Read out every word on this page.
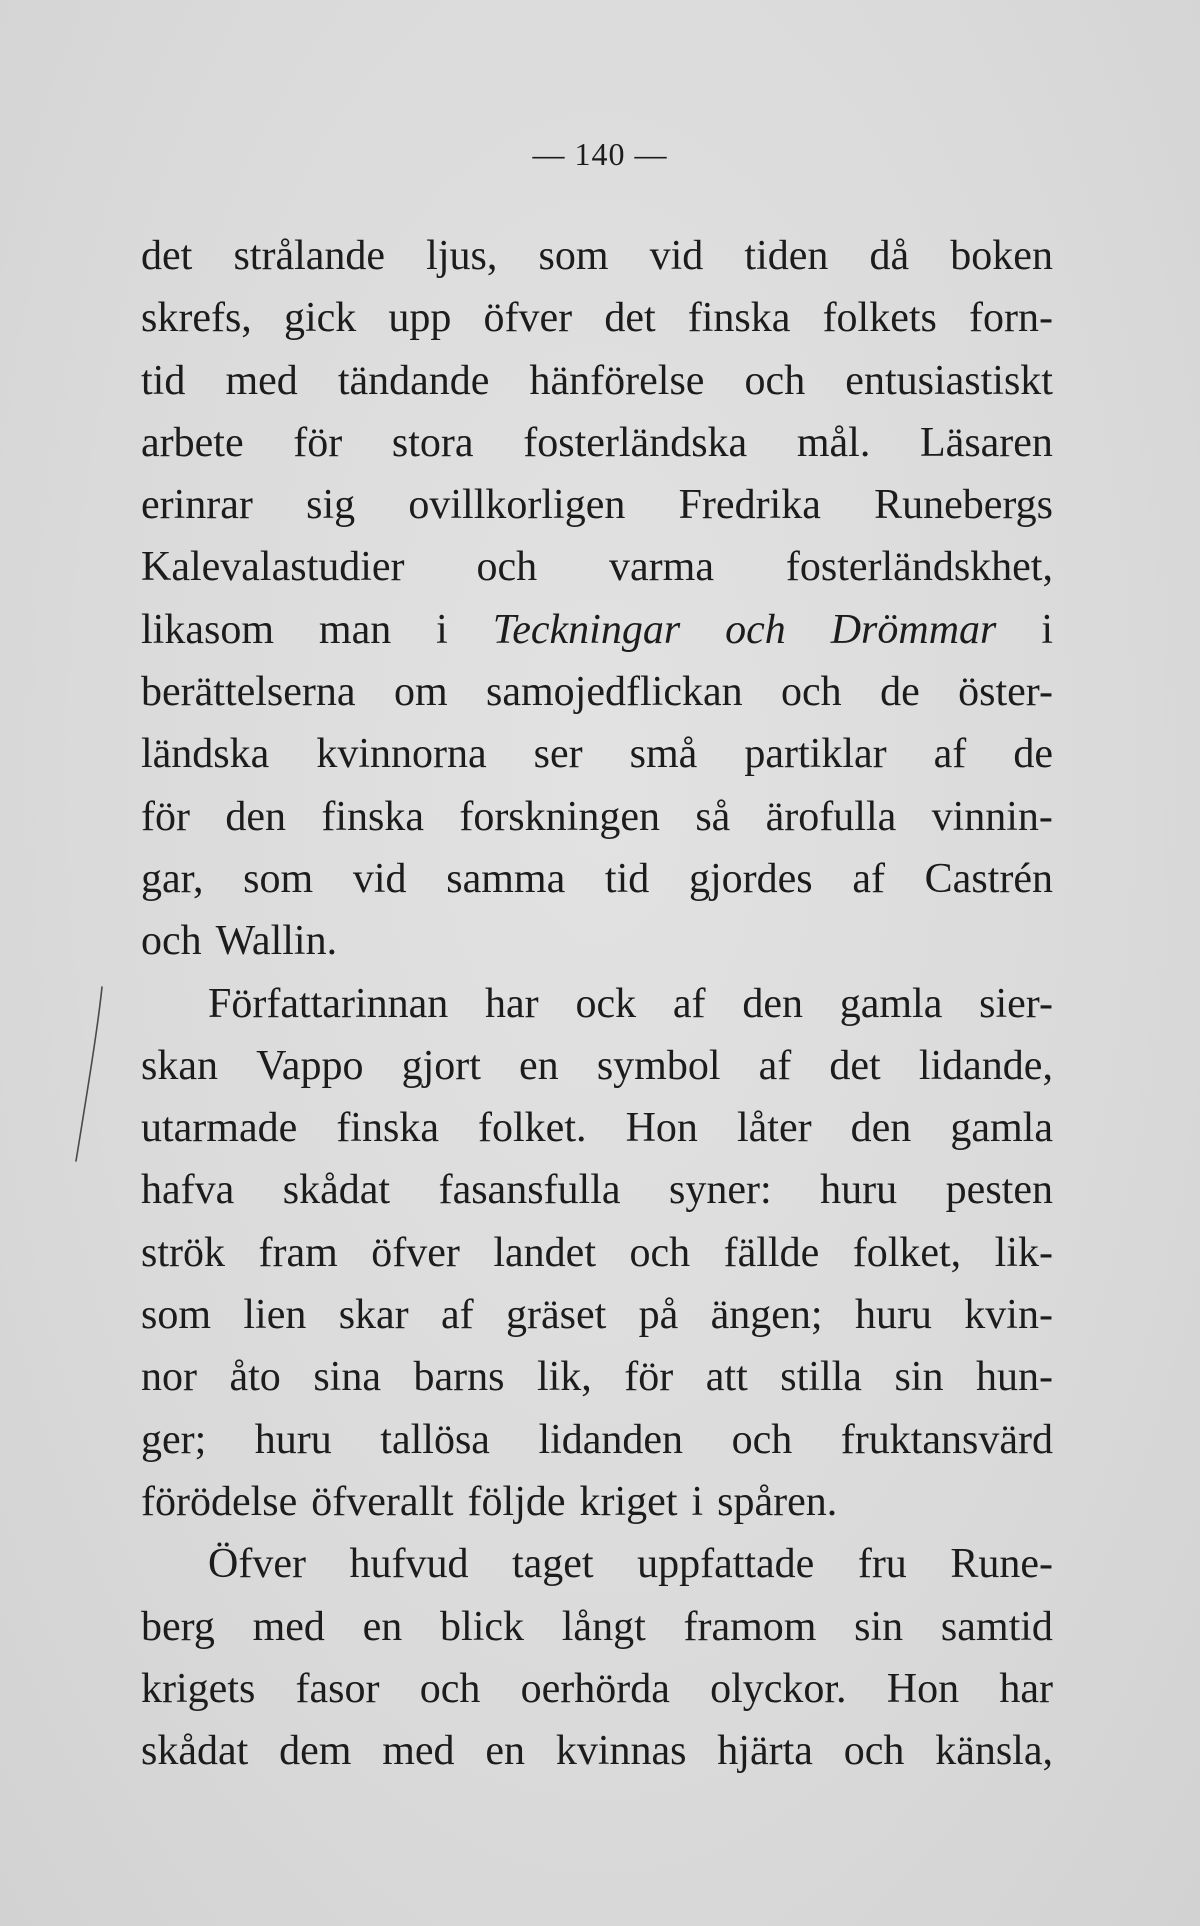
— 140 —
det strålande ljus, som vid tiden då boken
skrefs, gick upp öfver det finska folkets forn-
tid med tändande hänförelse och entusiastiskt
arbete för stora fosterländska mål. Läsaren
erinrar sig ovillkorligen Fredrika Runebergs
Kalevalastudier och varma fosterländskhet,
likasom man i Teckningar och Drömmar i
berättelserna om samojedflickan och de öster-
ländska kvinnorna ser små partiklar af de
för den finska forskningen så ärofulla vinnin-
gar, som vid samma tid gjordes af Castrén
och Wallin.
Författarinnan har ock af den gamla sier-
skan Vappo gjort en symbol af det lidande,
utarmade finska folket. Hon låter den gamla
hafva skådat fasansfulla syner: huru pesten
strök fram öfver landet och fällde folket, lik-
som lien skar af gräset på ängen; huru kvin-
nor åto sina barns lik, för att stilla sin hun-
ger; huru tallösa lidanden och fruktansvärd
förödelse öfverallt följde kriget i spåren.
Öfver hufvud taget uppfattade fru Rune-
berg med en blick långt framom sin samtid
krigets fasor och oerhörda olyckor. Hon har
skådat dem med en kvinnas hjärta och känsla,
